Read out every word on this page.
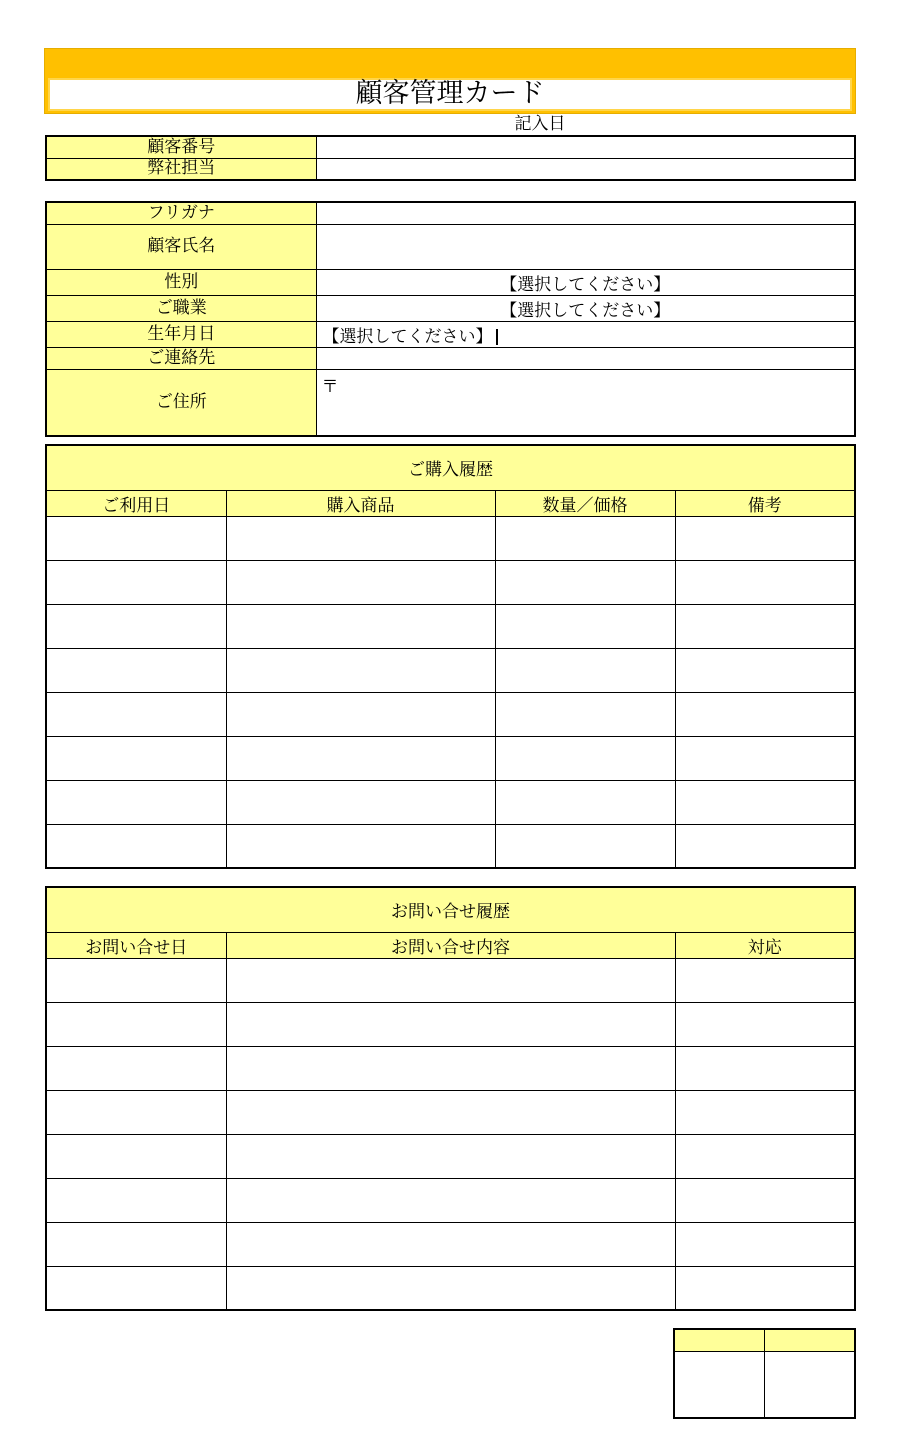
顧客管理カード
記入日
顧客番号	
弊社担当	
フリガナ	
顧客氏名	
性別	【選択してください】
ご職業	【選択してください】
生年月日	【選択してください】
ご連絡先	
ご住所	〒
ご購入履歴			
ご利用日	購入商品	数量／価格	備考

お問い合せ履歴		
お問い合せ日	お問い合せ内容	対応
